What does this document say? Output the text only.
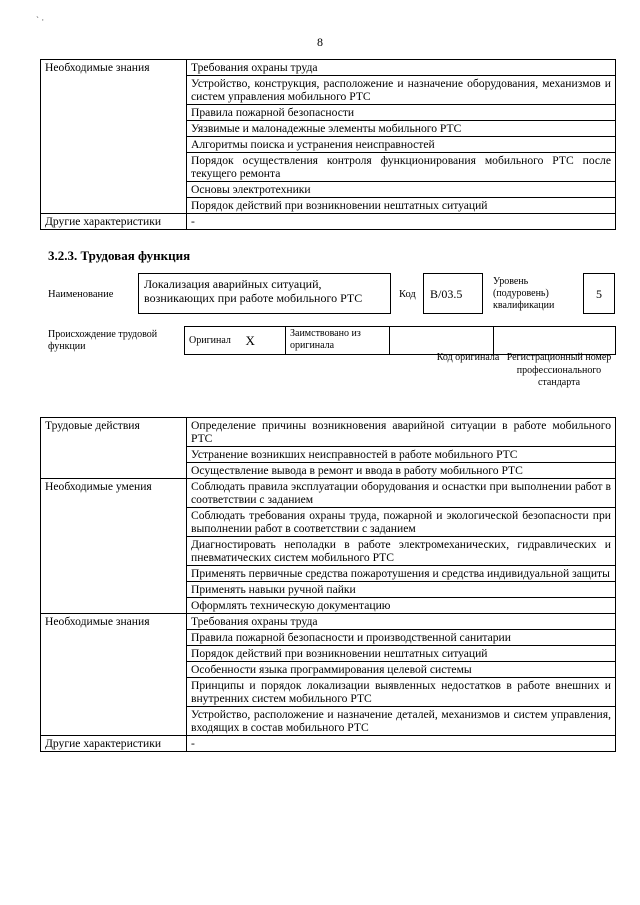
` ·
8
Необходимые знания	Требования охраны труда
	Устройство, конструкция, расположение и назначение оборудования, механизмов и систем управления мобильного РТС
	Правила пожарной безопасности
	Уязвимые и малонадежные элементы мобильного РТС
	Алгоритмы поиска и устранения неисправностей
	Порядок осуществления контроля функционирования мобильного РТС после текущего ремонта
	Основы электротехники
	Порядок действий при возникновении нештатных ситуаций
Другие характеристики	-
3.2.3. Трудовая функция
Наименование
Локализация аварийных ситуаций, возникающих при работе мобильного РТС	Код	B/03.5
Уровень (подуровень) квалификации
5
Происхождение трудовой функции
Оригинал	X	Заимствовано из оригинала		
Код оригинала Регистрационный номер профессионального стандарта
Трудовые действия	Определение причины возникновения аварийной ситуации в работе мобильного РТС
	Устранение возникших неисправностей в работе мобильного РТС
	Осуществление вывода в ремонт и ввода в работу мобильного РТС
Необходимые умения	Соблюдать правила эксплуатации оборудования и оснастки при выполнении работ в соответствии с заданием
	Соблюдать требования охраны труда, пожарной и экологической безопасности при выполнении работ в соответствии с заданием
	Диагностировать неполадки в работе электромеханических, гидравлических и пневматических систем мобильного РТС
	Применять первичные средства пожаротушения и средства индивидуальной защиты
	Применять навыки ручной пайки
	Оформлять техническую документацию
Необходимые знания	Требования охраны труда
	Правила пожарной безопасности и производственной санитарии
	Порядок действий при возникновении нештатных ситуаций
	Особенности языка программирования целевой системы
	Принципы и порядок локализации выявленных недостатков в работе внешних и внутренних систем мобильного РТС
	Устройство, расположение и назначение деталей, механизмов и систем управления, входящих в состав мобильного РТС
Другие характеристики	-
